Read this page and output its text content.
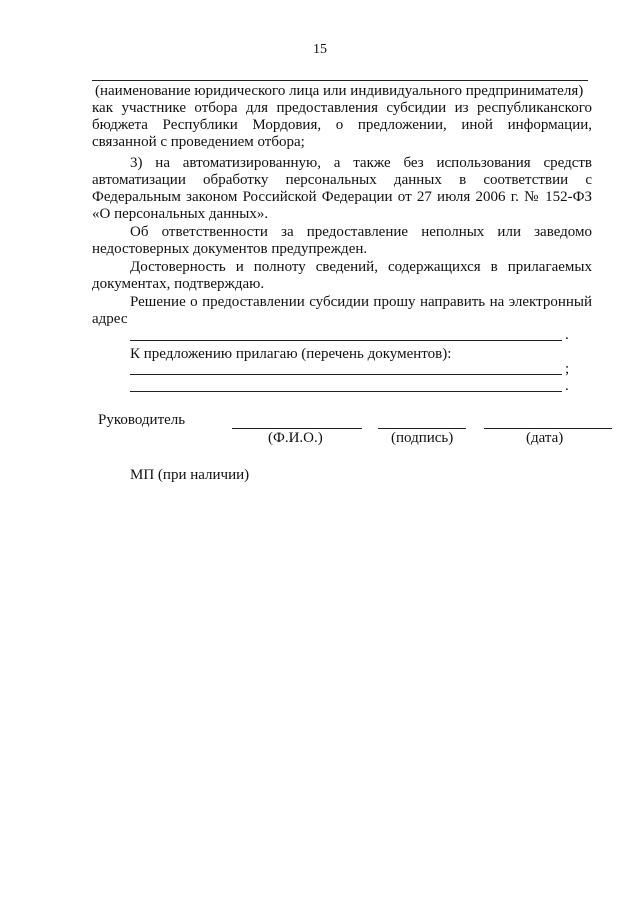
15
(наименование юридического лица или индивидуального предпринимателя)
как участнике отбора для предоставления субсидии из республиканского
бюджета Республики Мордовия, о предложении, иной информации,
связанной с проведением отбора;
3) на автоматизированную, а также без использования средств
автоматизации обработку персональных данных в соответствии с
Федеральным законом Российской Федерации от 27 июля 2006 г. № 152-ФЗ
«О персональных данных».
Об ответственности за предоставление неполных или заведомо
недостоверных документов предупрежден.
Достоверность и полноту сведений, содержащихся в прилагаемых
документах, подтверждаю.
Решение о предоставлении субсидии прошу направить на электронный
адрес
.
К предложению прилагаю (перечень документов):
;
.
Руководитель
(Ф.И.О.)	(подпись)	(дата)
МП (при наличии)
